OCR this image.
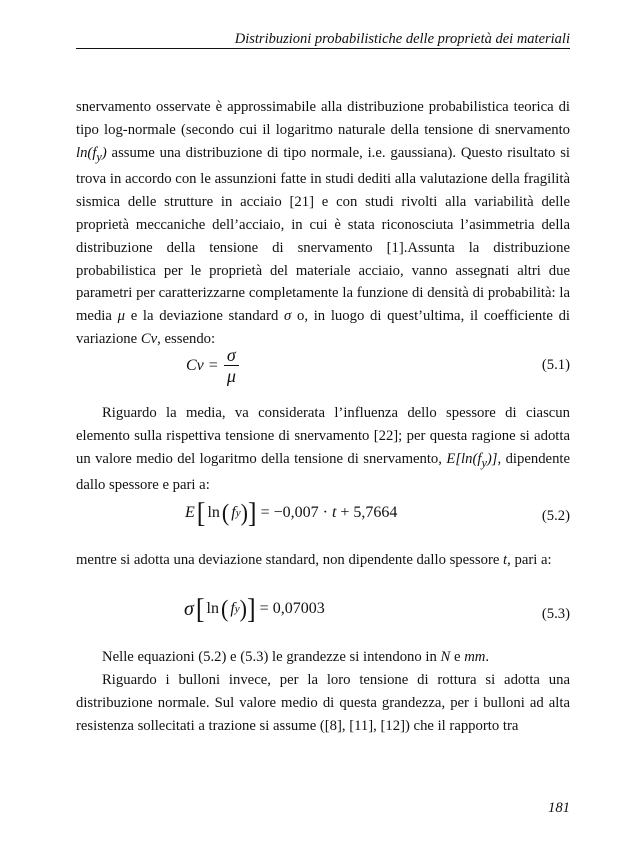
Distribuzioni probabilistiche delle proprietà dei materiali

snervamento osservate è approssimabile alla distribuzione probabilistica teorica di tipo log-normale (secondo cui il logaritmo naturale della tensione di snervamento $\ln(f_y)$ assume una distribuzione di tipo normale, i.e. gaussiana). Questo risultato si trova in accordo con le assunzioni fatte in studi dediti alla valutazione della fragilità sismica delle strutture in acciaio [21] e con studi rivolti alla variabilità delle proprietà meccaniche dell’acciaio, in cui è stata riconosciuta l’asimmetria della distribuzione della tensione di snervamento [1].Assunta la distribuzione probabilistica per le proprietà del materiale acciaio, vanno assegnati altri due parametri per caratterizzarne completamente la funzione di densità di probabilità: la media μ e la deviazione standard σ o, in luogo di quest’ultima, il coefficiente di variazione Cv, essendo:

$Cv = \frac{\sigma}{\mu}$	(5.1)

Riguardo la media, va considerata l’influenza dello spessore di ciascun elemento sulla rispettiva tensione di snervamento [22]; per questa ragione si adotta un valore medio del logaritmo della tensione di snervamento, $E[\ln(f_y)]$, dipendente dallo spessore e pari a:

E [ ln ( f y ) ] = −0,007 · t + 5,7664	(5.2)

mentre si adotta una deviazione standard, non dipendente dallo spessore t, pari a:

σ [ ln ( f y ) ] = 0,07003	(5.3)

Nelle equazioni (5.2) e (5.3) le grandezze si intendono in N e mm.

Riguardo i bulloni invece, per la loro tensione di rottura si adotta una distribuzione normale. Sul valore medio di questa grandezza, per i bulloni ad alta resistenza sollecitati a trazione si assume ([8], [11], [12]) che il rapporto tra

181
